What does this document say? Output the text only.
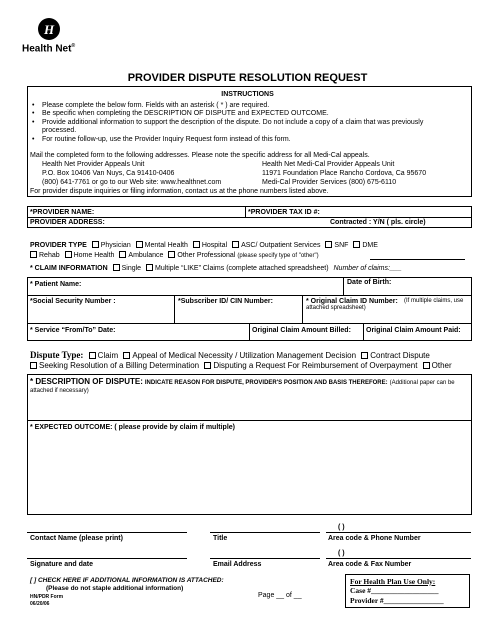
H
Health Net®
PROVIDER DISPUTE RESOLUTION REQUEST
INSTRUCTIONS
• Please complete the below form. Fields with an asterisk ( * ) are required.
• Be specific when completing the DESCRIPTION OF DISPUTE and EXPECTED OUTCOME.
• Provide additional information to support the description of the dispute. Do not include a copy of a claim that was previously processed.
• For routine follow-up, use the Provider Inquiry Request form instead of this form.
Mail the completed form to the following addresses. Please note the specific address for all Medi-Cal appeals.
Health Net Provider Appeals Unit
P.O. Box 10406 Van Nuys, Ca 91410-0406
(800) 641-7761 or go to our Web site: www.healthnet.com
Health Net Medi-Cal Provider Appeals Unit
11971 Foundation Place Rancho Cordova, Ca 95670
Medi-Cal Provider Services (800) 675-6110
For provider dispute inquiries or filing information, contact us at the phone numbers listed above.
*PROVIDER NAME:	*PROVIDER TAX ID #:
PROVIDER ADDRESS:	Contracted : Y/N ( pls. circle)
PROVIDER TYPE Physician Mental Health Hospital ASC/ Outpatient Services SNF DME
Rehab Home Health Ambulance Other Professional (please specify type of "other")
* CLAIM INFORMATION Single Multiple “LIKE” Claims (complete attached spreadsheet) Number of claims:___
* Patient Name:	Date of Birth:
*Social Security Number :	*Subscriber ID/ CIN Number:	* Original Claim ID Number:	(If multiple claims, use attached spreadsheet)
* Service “From/To” Date:	Original Claim Amount Billed: Original Claim Amount Paid:
Dispute Type: Claim Appeal of Medical Necessity / Utilization Management Decision Contract Dispute
Seeking Resolution of a Billing Determination Disputing a Request For Reimbursement of Overpayment Other
* DESCRIPTION OF DISPUTE: INDICATE REASON FOR DISPUTE, PROVIDER'S POSITION AND BASIS THEREFORE: (Additional paper can be attached if necessary)
* EXPECTED OUTCOME: ( please provide by claim if multiple)
( )
Contact Name (please print)	Title	Area code & Phone Number
( )
Signature and date	Email Address	Area code & Fax Number
[ ] CHECK HERE IF ADDITIONAL INFORMATION IS ATTACHED:
(Please do not staple additional information)
HN/PDR Form
06/20/06
Page __ of __
For Health Plan Use Only:
Case #__________________
Provider #________________
